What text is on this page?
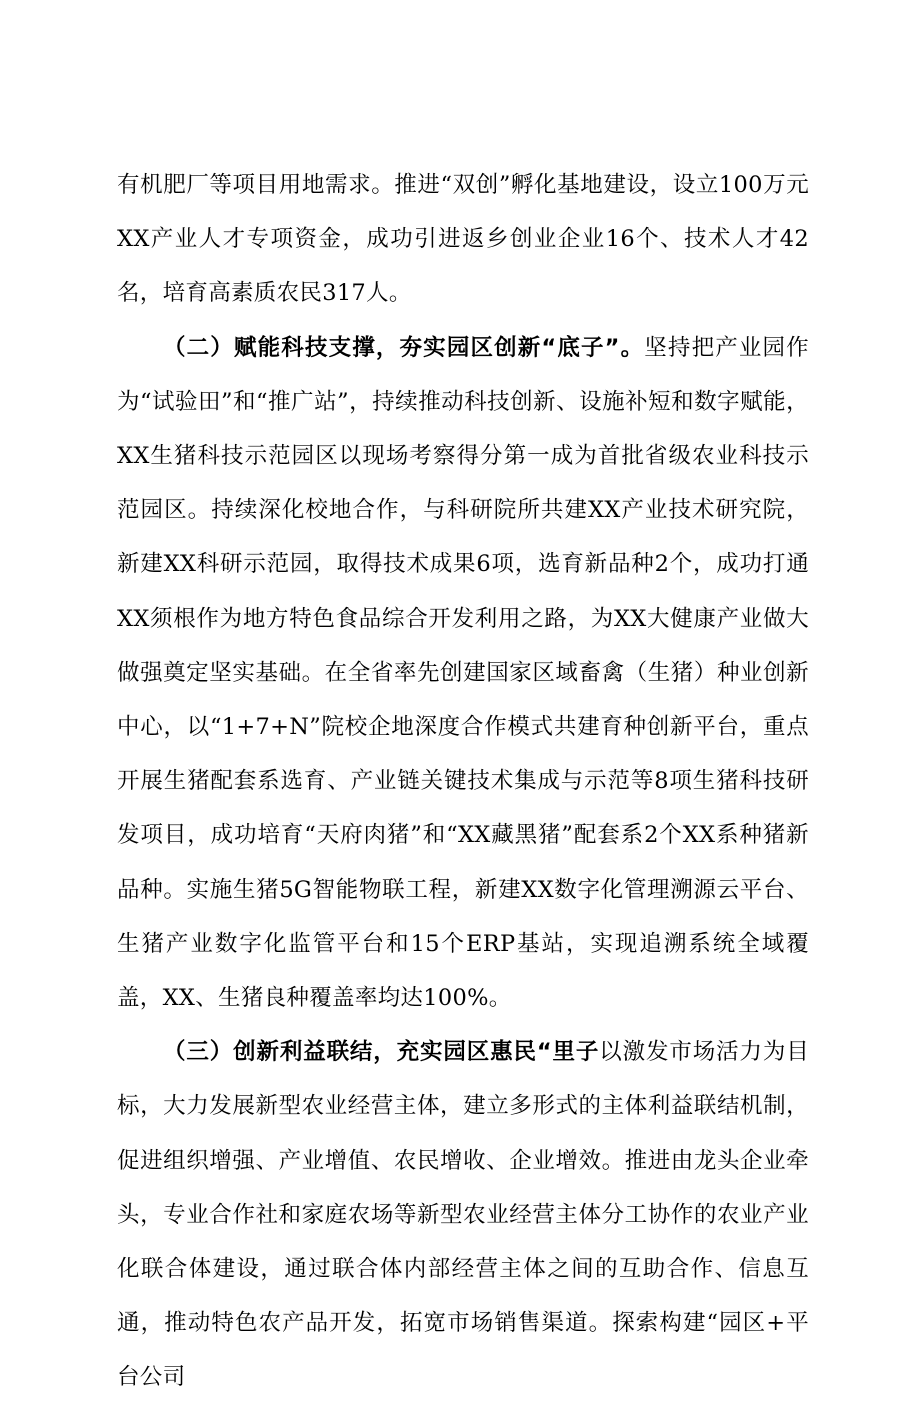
有机肥厂等项目用地需求。推进“双创”孵化基地建设，设立100万元XX产业人才专项资金，成功引进返乡创业企业16个、技术人才42名，培育高素质农民317人。

（二）赋能科技支撑，夯实园区创新“底子”。坚持把产业园作为“试验田”和“推广站”，持续推动科技创新、设施补短和数字赋能，XX生猪科技示范园区以现场考察得分第一成为首批省级农业科技示范园区。持续深化校地合作，与科研院所共建XX产业技术研究院，新建XX科研示范园，取得技术成果6项，选育新品种2个，成功打通XX须根作为地方特色食品综合开发利用之路，为XX大健康产业做大做强奠定坚实基础。在全省率先创建国家区域畜禽（生猪）种业创新中心，以“1+7+N”院校企地深度合作模式共建育种创新平台，重点开展生猪配套系选育、产业链关键技术集成与示范等8项生猪科技研发项目，成功培育“天府肉猪”和“XX藏黑猪”配套系2个XX系种猪新品种。实施生猪5G智能物联工程，新建XX数字化管理溯源云平台、生猪产业数字化监管平台和15个ERP基站，实现追溯系统全域覆盖，XX、生猪良种覆盖率均达100%。

（三）创新利益联结，充实园区惠民“里子以激发市场活力为目标，大力发展新型农业经营主体，建立多形式的主体利益联结机制，促进组织增强、产业增值、农民增收、企业增效。推进由龙头企业牵头，专业合作社和家庭农场等新型农业经营主体分工协作的农业产业化联合体建设，通过联合体内部经营主体之间的互助合作、信息互通，推动特色农产品开发，拓宽市场销售渠道。探索构建“园区+平台公司
